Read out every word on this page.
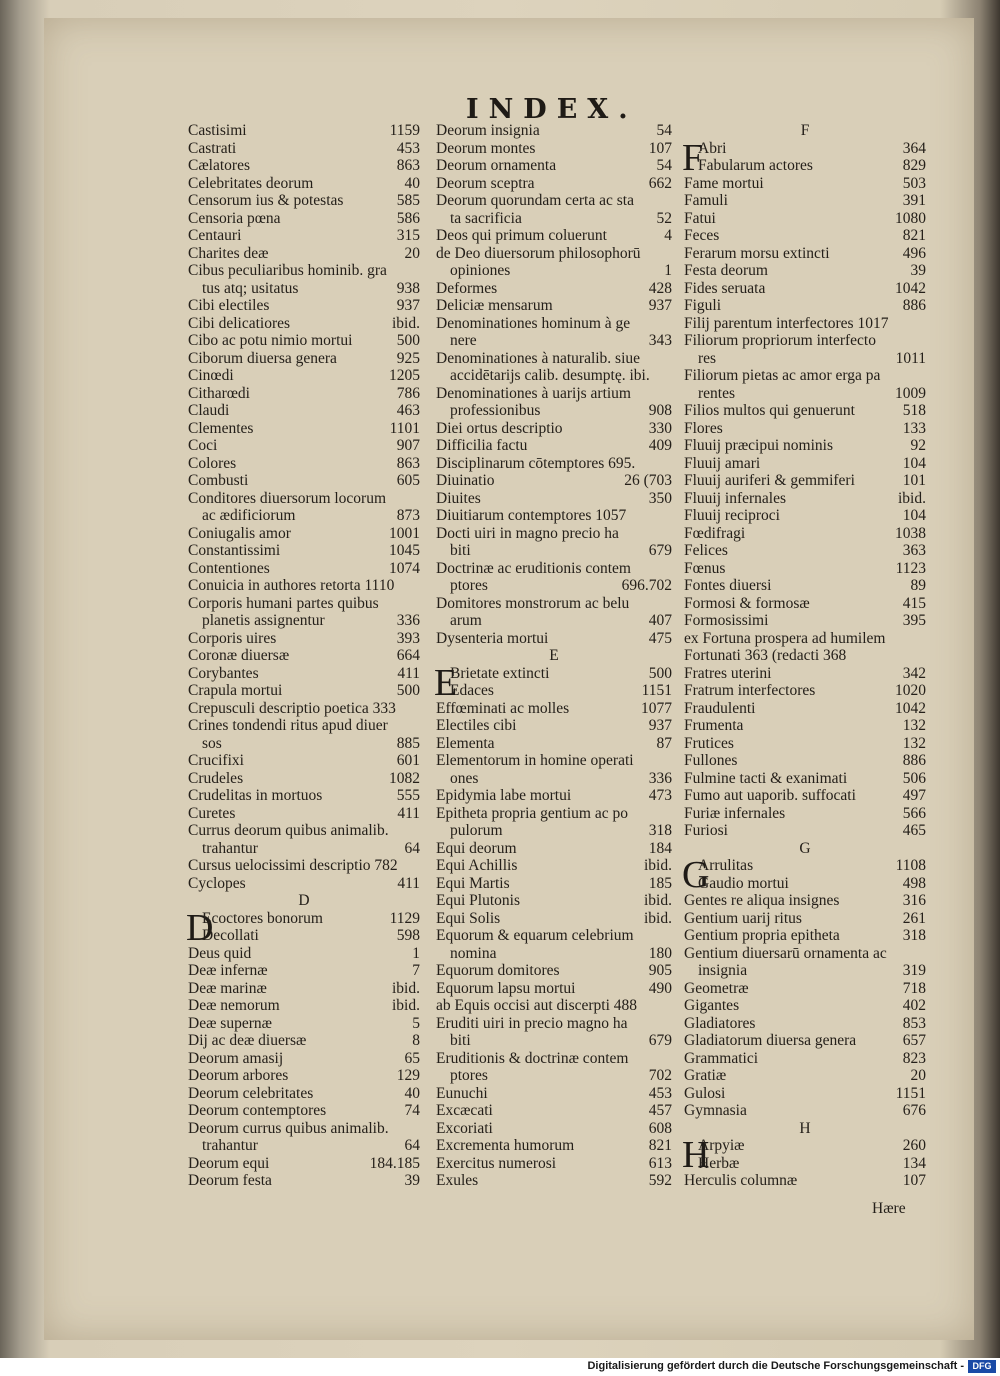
INDEX.
Castisimi	1159
Castrati	453
Cælatores	863
Celebritates deorum	40
Censorum ius & potestas	585
Censoria pœna	586
Centauri	315
Charites deæ	20
Cibus peculiaribus hominib. gra
tus atq; usitatus	938
Cibi electiles	937
Cibi delicatiores	ibid.
Cibo ac potu nimio mortui	500
Ciborum diuersa genera	925
Cinœdi	1205
Citharœdi	786
Claudi	463
Clementes	1101
Coci	907
Colores	863
Combusti	605
Conditores diuersorum locorum
ac ædificiorum	873
Coniugalis amor	1001
Constantissimi	1045
Contentiones	1074
Conuicia in authores retorta 1110
Corporis humani partes quibus
planetis assignentur	336
Corporis uires	393
Coronæ diuersæ	664
Corybantes	411
Crapula mortui	500
Crepusculi descriptio poetica 333
Crines tondendi ritus apud diuer
sos	885
Crucifixi	601
Crudeles	1082
Crudelitas in mortuos	555
Curetes	411
Currus deorum quibus animalib.
trahantur	64
Cursus uelocissimi descriptio 782
Cyclopes	411
D
D
Ecoctores bonorum	1129
Decollati	598
Deus quid	1
Deæ infernæ	7
Deæ marinæ	ibid.
Deæ nemorum	ibid.
Deæ supernæ	5
Dij ac deæ diuersæ	8
Deorum amasij	65
Deorum arbores	129
Deorum celebritates	40
Deorum contemptores	74
Deorum currus quibus animalib.
trahantur	64
Deorum equi	184.185
Deorum festa	39
Deorum insignia	54
Deorum montes	107
Deorum ornamenta	54
Deorum sceptra	662
Deorum quorundam certa ac sta
ta sacrificia	52
Deos qui primum coluerunt	4
de Deo diuersorum philosophorū
opiniones	1
Deformes	428
Deliciæ mensarum	937
Denominationes hominum à ge
nere	343
Denominationes à naturalib. siue
accidētarijs calib. desumptę. ibi.
Denominationes à uarijs artium
professionibus	908
Diei ortus descriptio	330
Difficilia factu	409
Disciplinarum cōtemptores 695.
Diuinatio	26 (703
Diuites	350
Diuitiarum contemptores 1057
Docti uiri in magno precio ha
biti	679
Doctrinæ ac eruditionis contem
ptores	696.702
Domitores monstrorum ac belu
arum	407
Dysenteria mortui	475
E
E
Brietate extincti	500
Edaces	1151
Effœminati ac molles	1077
Electiles cibi	937
Elementa	87
Elementorum in homine operati
ones	336
Epidymia labe mortui	473
Epitheta propria gentium ac po
pulorum	318
Equi deorum	184
Equi Achillis	ibid.
Equi Martis	185
Equi Plutonis	ibid.
Equi Solis	ibid.
Equorum & equarum celebrium
nomina	180
Equorum domitores	905
Equorum lapsu mortui	490
ab Equis occisi aut discerpti 488
Eruditi uiri in precio magno ha
biti	679
Eruditionis & doctrinæ contem
ptores	702
Eunuchi	453
Excæcati	457
Excoriati	608
Excrementa humorum	821
Exercitus numerosi	613
Exules	592
F
F
Abri	364
Fabularum actores	829
Fame mortui	503
Famuli	391
Fatui	1080
Feces	821
Ferarum morsu extincti	496
Festa deorum	39
Fides seruata	1042
Figuli	886
Filij parentum interfectores 1017
Filiorum propriorum interfecto
res	1011
Filiorum pietas ac amor erga pa
rentes	1009
Filios multos qui genuerunt	518
Flores	133
Fluuij præcipui nominis	92
Fluuij amari	104
Fluuij auriferi & gemmiferi	101
Fluuij infernales	ibid.
Fluuij reciproci	104
Fœdifragi	1038
Felices	363
Fœnus	1123
Fontes diuersi	89
Formosi & formosæ	415
Formosissimi	395
ex Fortuna prospera ad humilem
Fortunati 363 (redacti 368
Fratres uterini	342
Fratrum interfectores	1020
Fraudulenti	1042
Frumenta	132
Frutices	132
Fullones	886
Fulmine tacti & exanimati	506
Fumo aut uaporib. suffocati	497
Furiæ infernales	566
Furiosi	465
G
G
Arrulitas	1108
Gaudio mortui	498
Gentes re aliqua insignes	316
Gentium uarij ritus	261
Gentium propria epitheta	318
Gentium diuersarū ornamenta ac
insignia	319
Geometræ	718
Gigantes	402
Gladiatores	853
Gladiatorum diuersa genera	657
Grammatici	823
Gratiæ	20
Gulosi	1151
Gymnasia	676
H
H
Arpyiæ	260
Herbæ	134
Herculis columnæ	107
Hære
Digitalisierung gefördert durch die Deutsche Forschungsgemeinschaft - DFG
